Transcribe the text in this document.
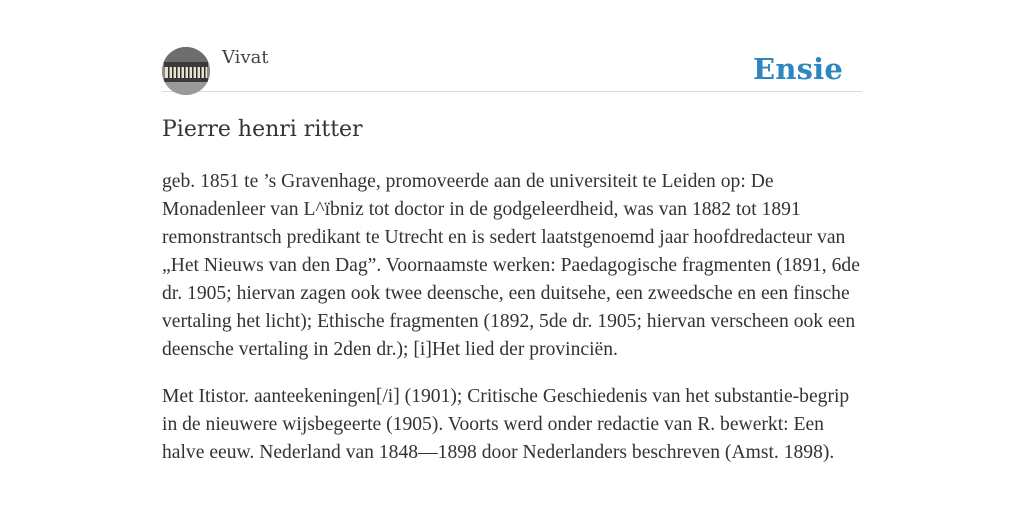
Vivat	Ensie
Pierre henri ritter

geb. 1851 te ’s Gravenhage, promoveerde aan de universiteit te Leiden op: De Monadenleer van L^ïbniz tot doctor in de godgeleerdheid, was van 1882 tot 1891 remonstrantsch predikant te Utrecht en is sedert laatstgenoemd jaar hoofdredacteur van „Het Nieuws van den Dag”. Voornaamste werken: Paedagogische fragmenten (1891, 6de dr. 1905; hiervan zagen ook twee deensche, een duitsehe, een zweedsche en een finsche vertaling het licht); Ethische fragmenten (1892, 5de dr. 1905; hiervan verscheen ook een deensche vertaling in 2den dr.); [i]Het lied der provinciën.

Met Itistor. aanteekeningen[/i] (1901); Critische Geschiedenis van het substantie-begrip in de nieuwere wijsbegeerte (1905). Voorts werd onder redactie van R. bewerkt: Een halve eeuw. Nederland van 1848—1898 door Nederlanders beschreven (Amst. 1898).
